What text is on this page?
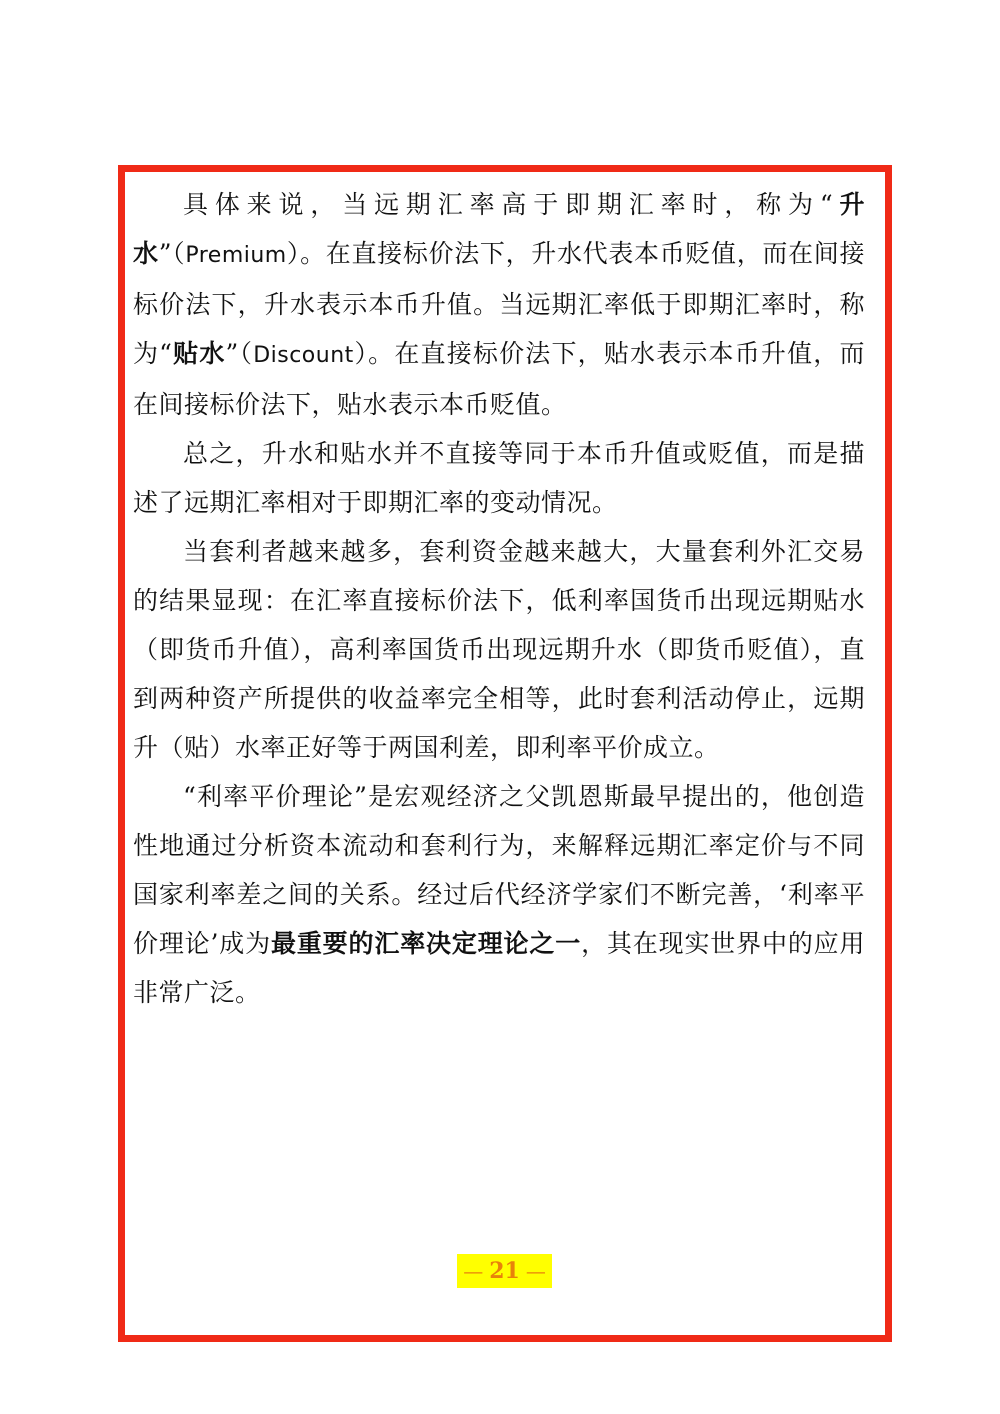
具体来说，当远期汇率高于即期汇率时，称为“升水”（Premium）。在直接标价法下，升水代表本币贬值，而在间接标价法下，升水表示本币升值。当远期汇率低于即期汇率时，称为“贴水”（Discount）。在直接标价法下，贴水表示本币升值，而在间接标价法下，贴水表示本币贬值。

总之，升水和贴水并不直接等同于本币升值或贬值，而是描述了远期汇率相对于即期汇率的变动情况。

当套利者越来越多，套利资金越来越大，大量套利外汇交易的结果显现：在汇率直接标价法下，低利率国货币出现远期贴水（即货币升值），高利率国货币出现远期升水（即货币贬值），直到两种资产所提供的收益率完全相等，此时套利活动停止，远期升（贴）水率正好等于两国利差，即利率平价成立。

“利率平价理论”是宏观经济之父凯恩斯最早提出的，他创造性地通过分析资本流动和套利行为，来解释远期汇率定价与不同国家利率差之间的关系。经过后代经济学家们不断完善，‘利率平价理论’成为最重要的汇率决定理论之一，其在现实世界中的应用非常广泛。

— 21 —
